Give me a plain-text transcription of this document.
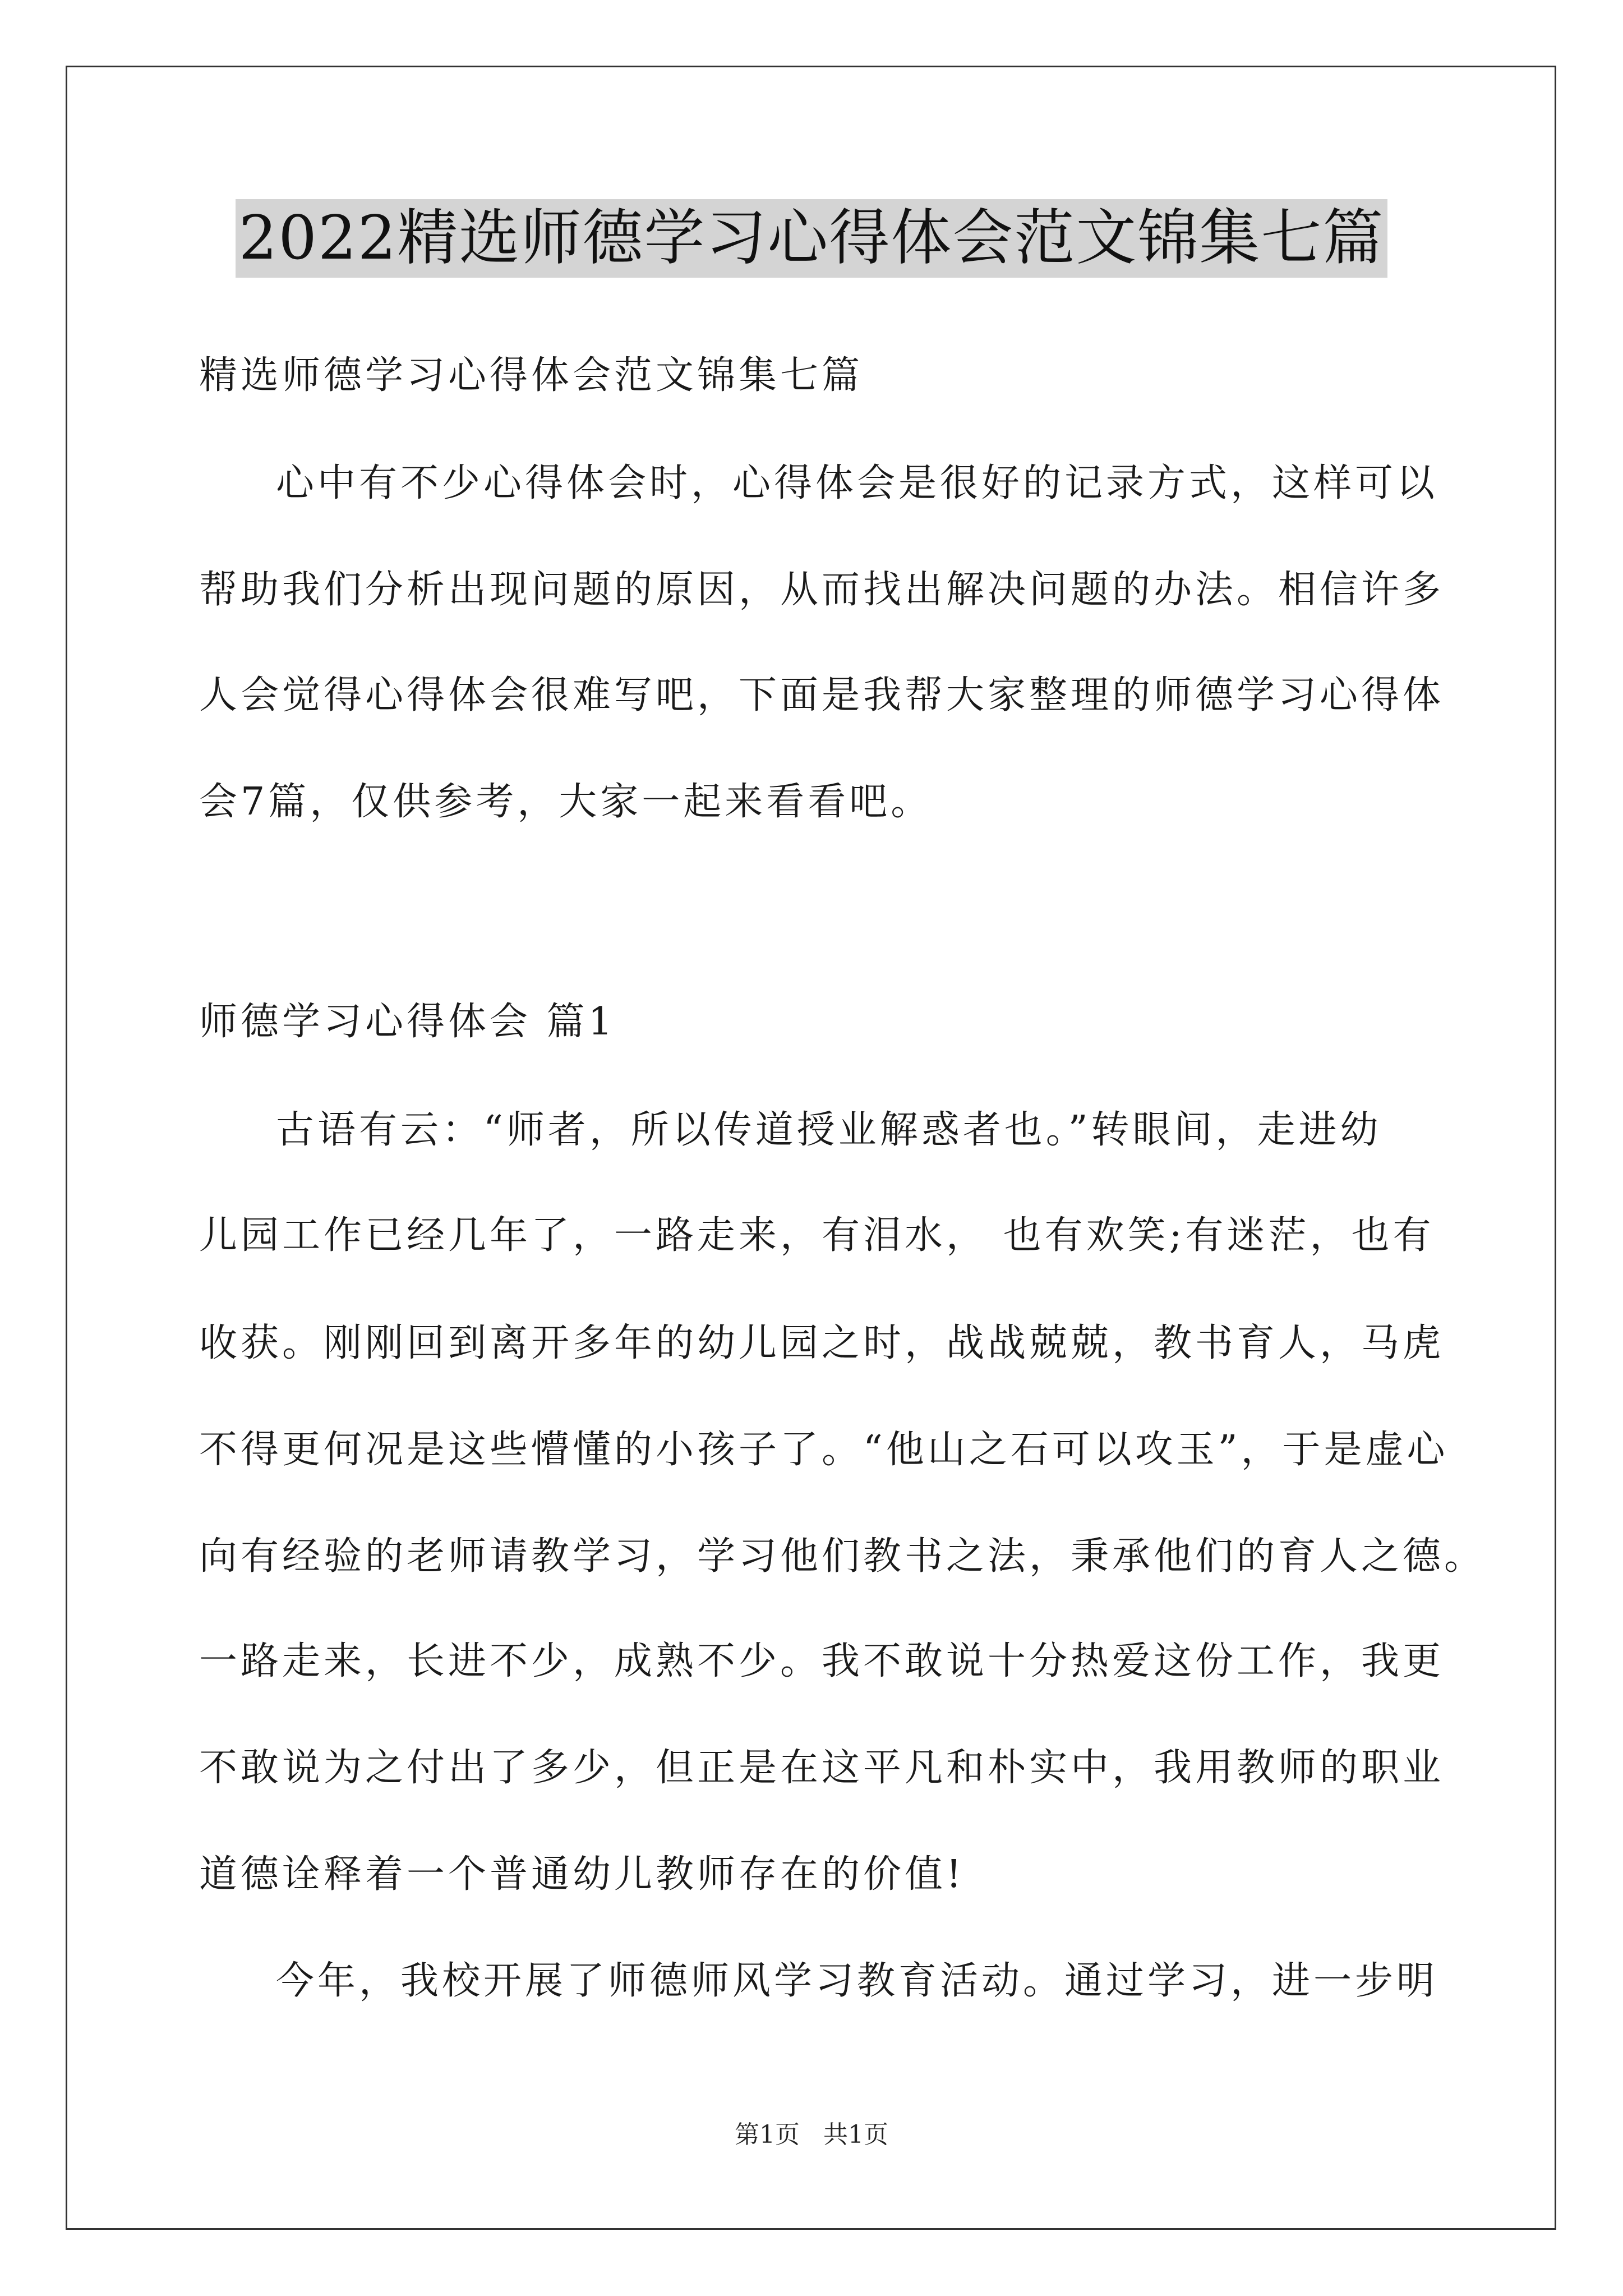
2022精选师德学习心得体会范文锦集七篇
精选师德学习心得体会范文锦集七篇
心中有不少心得体会时，心得体会是很好的记录方式，这样可以
帮助我们分析出现问题的原因，从而找出解决问题的办法。相信许多
人会觉得心得体会很难写吧，下面是我帮大家整理的师德学习心得体
会7篇，仅供参考，大家一起来看看吧。
师德学习心得体会 篇1
古语有云：“师者，所以传道授业解惑者也。”转眼间，走进幼
儿园工作已经几年了，一路走来，有泪水， 也有欢笑;有迷茫，也有
收获。刚刚回到离开多年的幼儿园之时，战战兢兢，教书育人，马虎
不得更何况是这些懵懂的小孩子了。“他山之石可以攻玉”，于是虚心
向有经验的老师请教学习，学习他们教书之法，秉承他们的育人之德。
一路走来，长进不少，成熟不少。我不敢说十分热爱这份工作，我更
不敢说为之付出了多少，但正是在这平凡和朴实中，我用教师的职业
道德诠释着一个普通幼儿教师存在的价值!
今年，我校开展了师德师风学习教育活动。通过学习，进一步明
第1页 共1页
